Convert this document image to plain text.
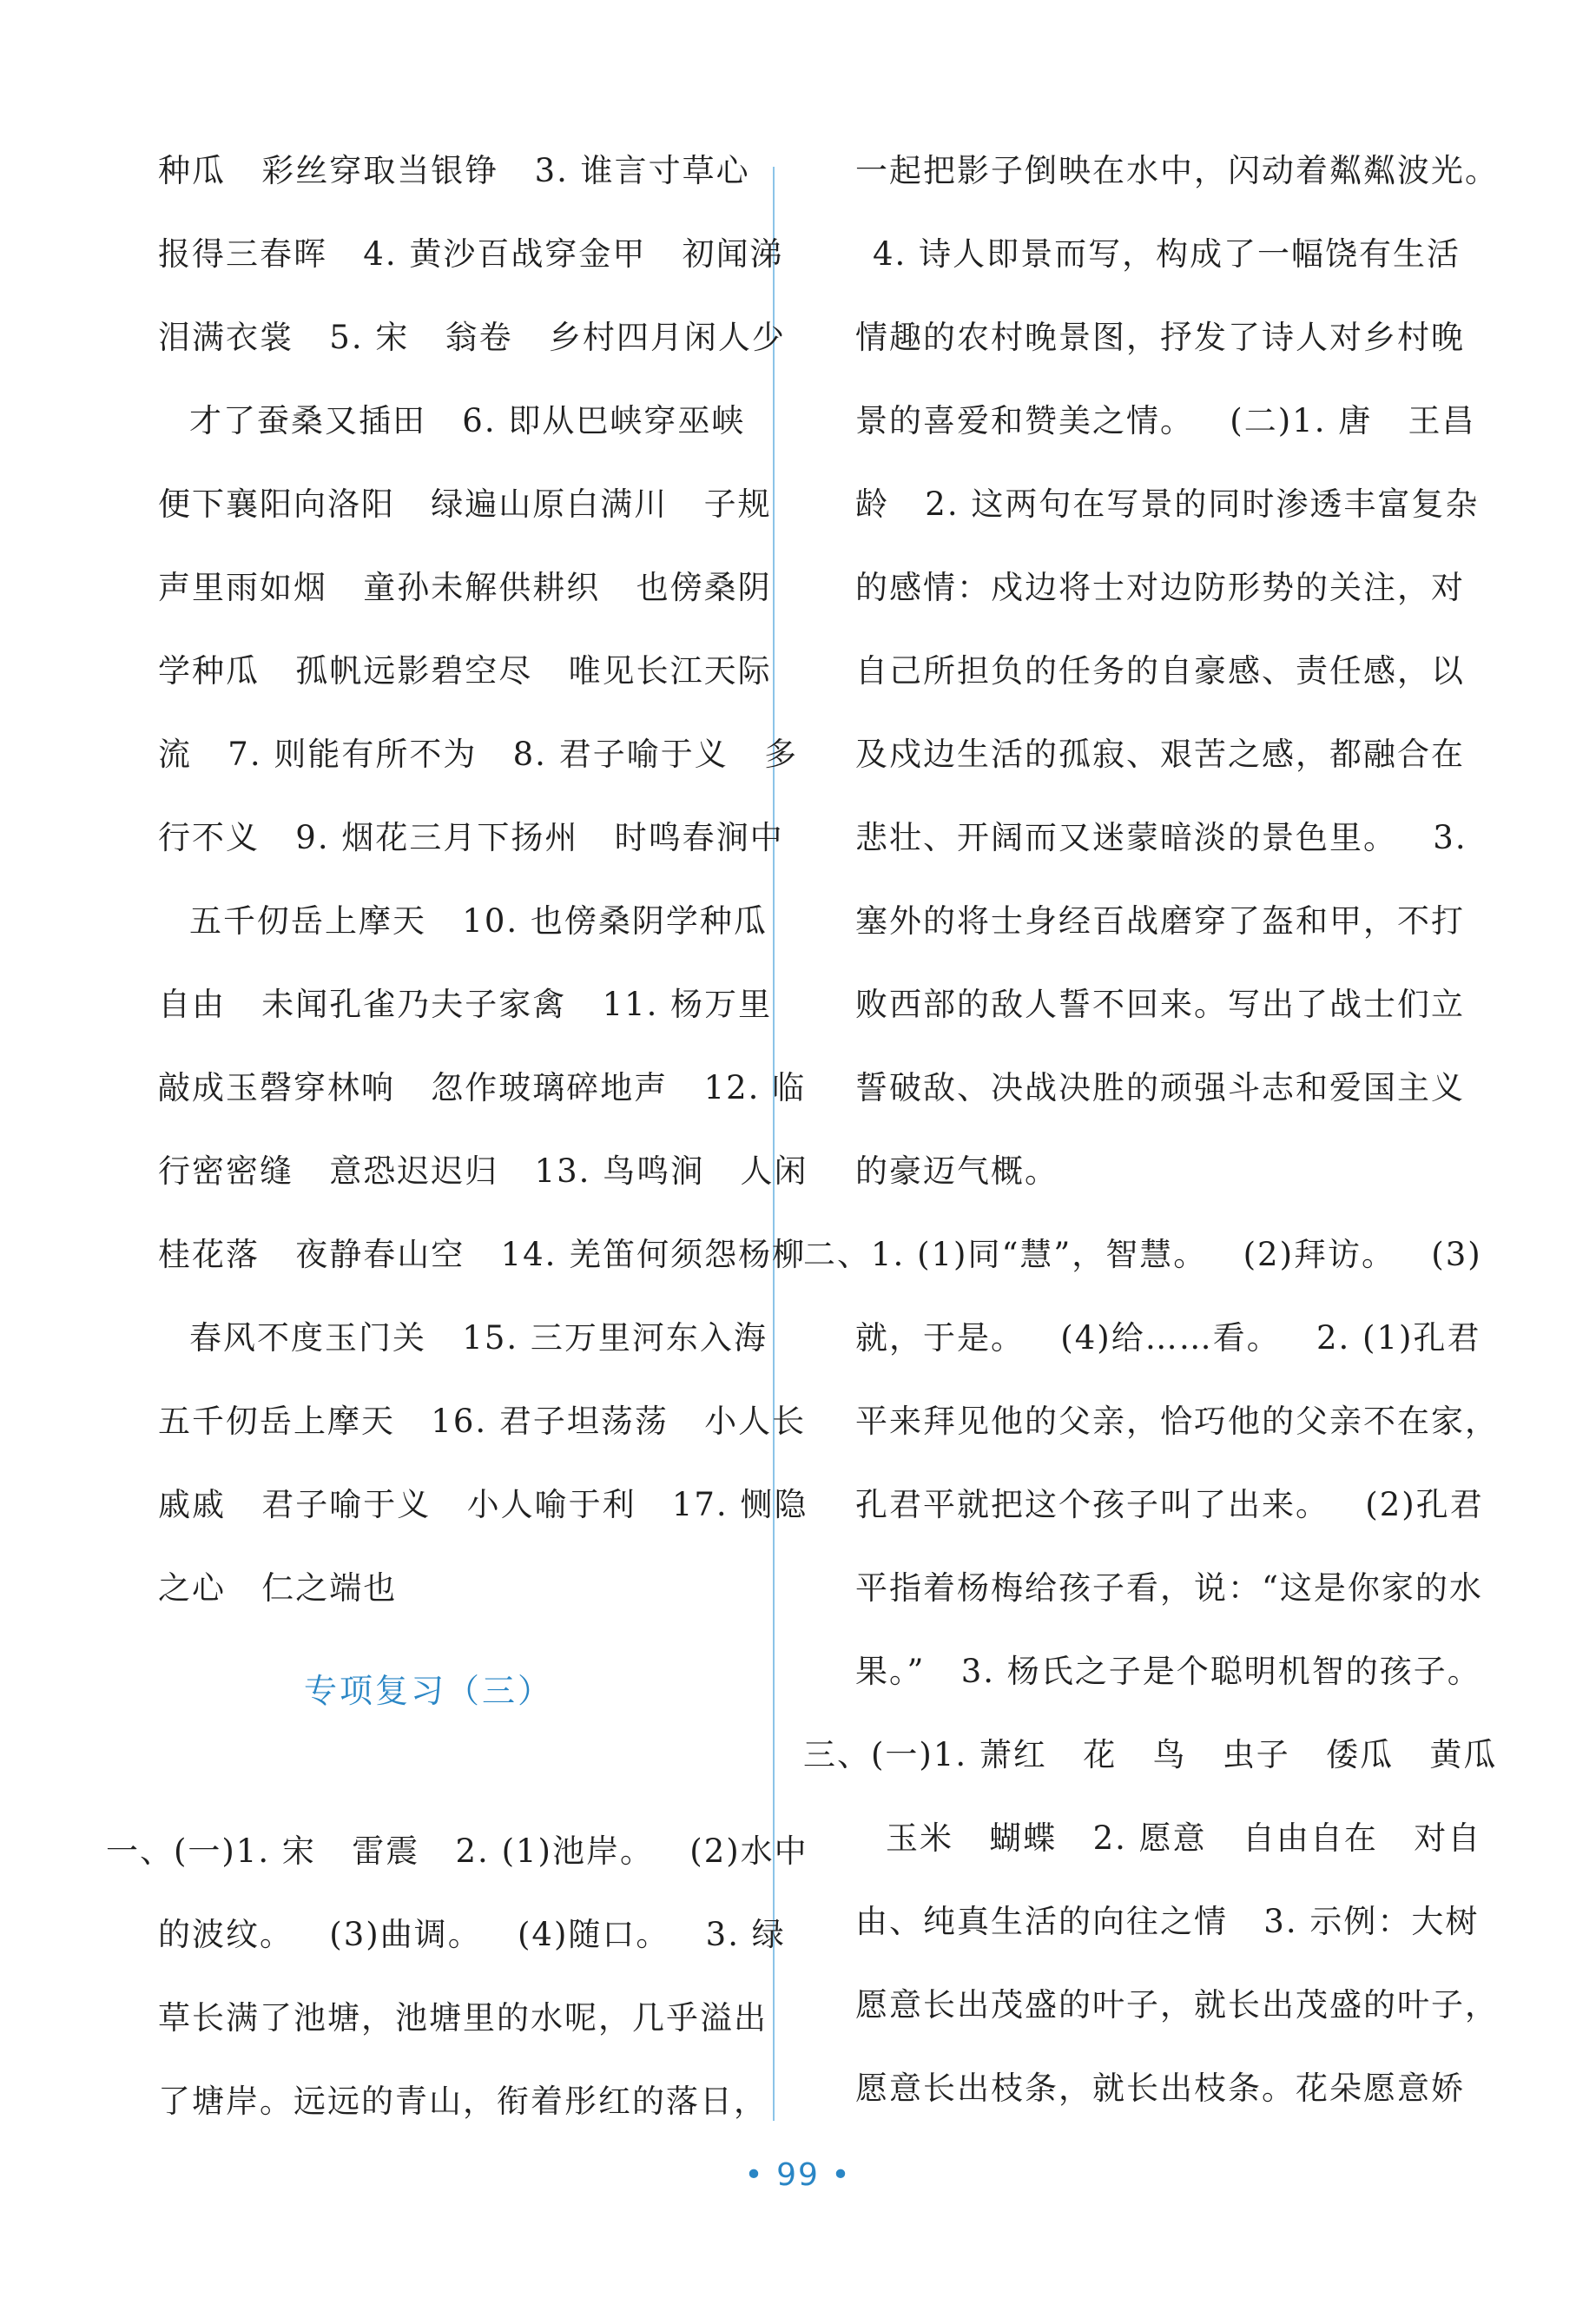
种瓜   彩丝穿取当银铮   3. 谁言寸草心
报得三春晖   4. 黄沙百战穿金甲   初闻涕
泪满衣裳   5. 宋   翁卷   乡村四月闲人少
才了蚕桑又插田   6. 即从巴峡穿巫峡
便下襄阳向洛阳   绿遍山原白满川   子规
声里雨如烟   童孙未解供耕织   也傍桑阴
学种瓜   孤帆远影碧空尽   唯见长江天际
流   7. 则能有所不为   8. 君子喻于义   多
行不义   9. 烟花三月下扬州   时鸣春涧中
五千仞岳上摩天   10. 也傍桑阴学种瓜
自由   未闻孔雀乃夫子家禽   11. 杨万里
敲成玉磬穿林响   忽作玻璃碎地声   12. 临
行密密缝   意恐迟迟归   13. 鸟鸣涧   人闲
桂花落   夜静春山空   14. 羌笛何须怨杨柳
春风不度玉门关   15. 三万里河东入海
五千仞岳上摩天   16. 君子坦荡荡   小人长
戚戚   君子喻于义   小人喻于利   17. 恻隐
之心   仁之端也
专项复习（三）
一、(一)1. 宋   雷震   2. (1)池岸。   (2)水中
的波纹。   (3)曲调。   (4)随口。   3. 绿
草长满了池塘，池塘里的水呢，几乎溢出
了塘岸。远远的青山，衔着彤红的落日，
一起把影子倒映在水中，闪动着粼粼波光。
4. 诗人即景而写，构成了一幅饶有生活
情趣的农村晚景图，抒发了诗人对乡村晚
景的喜爱和赞美之情。   (二)1. 唐   王昌
龄   2. 这两句在写景的同时渗透丰富复杂
的感情：戍边将士对边防形势的关注，对
自己所担负的任务的自豪感、责任感，以
及戍边生活的孤寂、艰苦之感，都融合在
悲壮、开阔而又迷蒙暗淡的景色里。   3.
塞外的将士身经百战磨穿了盔和甲，不打
败西部的敌人誓不回来。写出了战士们立
誓破敌、决战决胜的顽强斗志和爱国主义
的豪迈气概。
二、1. (1)同“慧”，智慧。   (2)拜访。   (3)
就，于是。   (4)给……看。   2. (1)孔君
平来拜见他的父亲，恰巧他的父亲不在家，
孔君平就把这个孩子叫了出来。   (2)孔君
平指着杨梅给孩子看，说：“这是你家的水
果。”   3. 杨氏之子是个聪明机智的孩子。
三、(一)1. 萧红   花   鸟   虫子   倭瓜   黄瓜
玉米   蝴蝶   2. 愿意   自由自在   对自
由、纯真生活的向往之情   3. 示例：大树
愿意长出茂盛的叶子，就长出茂盛的叶子，
愿意长出枝条，就长出枝条。花朵愿意娇
• 99 •
